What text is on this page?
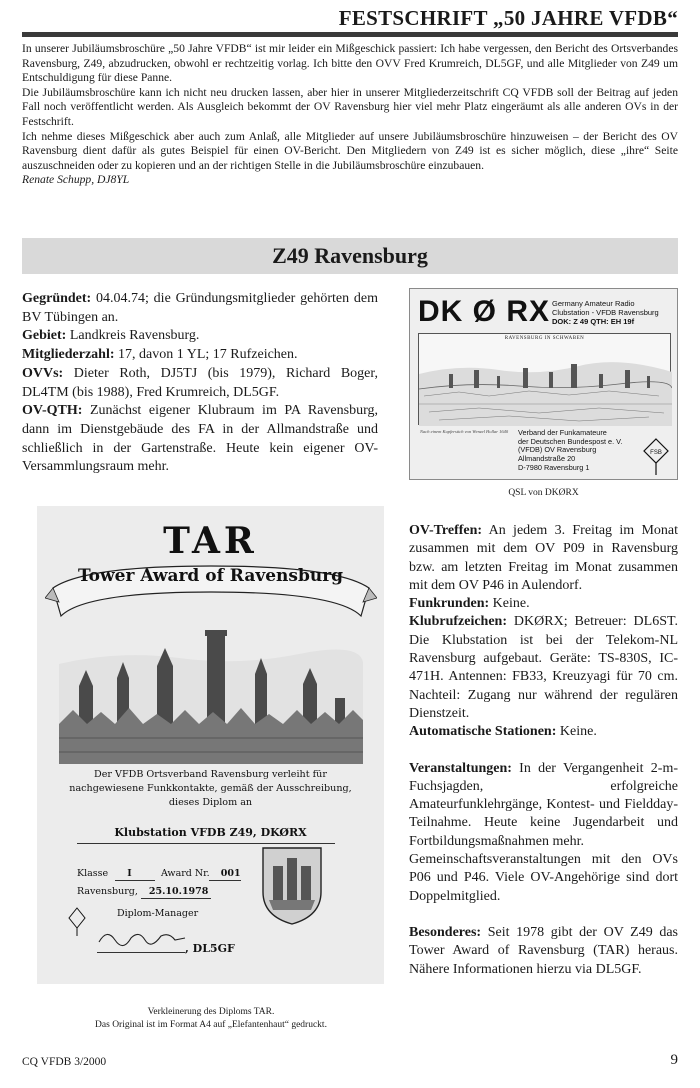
FESTSCHRIFT „50 JAHRE VFDB“

In unserer Jubiläumsbroschüre „50 Jahre VFDB“ ist mir leider ein Mißgeschick passiert: Ich habe vergessen, den Bericht des Ortsverbandes Ravensburg, Z49, abzudrucken, obwohl er rechtzeitig vorlag. Ich bitte den OVV Fred Krumreich, DL5GF, und alle Mitglieder von Z49 um Entschuldigung für diese Panne.

Die Jubiläumsbroschüre kann ich nicht neu drucken lassen, aber hier in unserer Mitgliederzeitschrift CQ VFDB soll der Beitrag auf jeden Fall noch veröffentlicht werden. Als Ausgleich bekommt der OV Ravensburg hier viel mehr Platz eingeräumt als alle anderen OVs in der Festschrift.

Ich nehme dieses Mißgeschick aber auch zum Anlaß, alle Mitglieder auf unsere Jubiläumsbroschüre hinzuweisen – der Bericht des OV Ravensburg dient dafür als gutes Beispiel für einen OV-Bericht. Den Mitgliedern von Z49 ist es sicher möglich, diese „ihre“ Seite auszuschneiden oder zu kopieren und an der richtigen Stelle in die Jubiläumsbroschüre einzubauen.

Renate Schupp, DJ8YL

Z49 Ravensburg

Gegründet: 04.04.74; die Gründungsmitglieder gehörten dem BV Tübingen an.

Gebiet: Landkreis Ravensburg.

Mitgliederzahl: 17, davon 1 YL; 17 Rufzeichen.

OVVs: Dieter Roth, DJ5TJ (bis 1979), Richard Boger, DL4TM (bis 1988), Fred Krumreich, DL5GF.

OV-QTH: Zunächst eigener Klubraum im PA Ravensburg, dann im Dienstgebäude des FA in der Allmandstraße und schließlich in der Gartenstraße. Heute kein eigener OV-Versammlungsraum mehr.

DK Ø RX Germany Amateur Radio
Clubstation - VFDB Ravensburg
DOK: Z 49 QTH: EH 19f
RAVENSBURG IN SCHWABEN
Nach einem Kupferstich von Wenzel Hollar 1640 Verband der Funkamateure
der Deutschen Bundespost e. V.
(VFDB) OV Ravensburg
Allmandstraße 20
D-7980 Ravensburg 1
FSB
QSL von DKØRX
TAR
Tower Award of Ravensburg
Der VFDB Ortsverband Ravensburg verleiht für nachgewiesene Funkkontakte, gemäß der Ausschreibung, dieses Diplom an
Klubstation VFDB Z49, DKØRX
Klasse I	Award Nr. 001
Ravensburg, 25.10.1978
Diplom-Manager
, DL5GF
Verkleinerung des Diploms TAR.
Das Original ist im Format A4 auf „Elefantenhaut“ gedruckt.

OV-Treffen: An jedem 3. Freitag im Monat zusammen mit dem OV P09 in Ravensburg bzw. am letzten Freitag im Monat zusammen mit dem OV P46 in Aulendorf.

Funkrunden: Keine.

Klubrufzeichen: DKØRX; Betreuer: DL6ST. Die Klubstation ist bei der Telekom-NL Ravensburg aufgebaut. Geräte: TS-830S, IC-471H. Antennen: FB33, Kreuzyagi für 70 cm. Nachteil: Zugang nur während der regulären Dienstzeit.

Automatische Stationen: Keine.

Veranstaltungen: In der Vergangenheit 2-m-Fuchsjagden, erfolgreiche Amateurfunklehrgänge, Kontest- und Fieldday-Teilnahme. Heute keine Jugendarbeit und Fortbildungsmaßnahmen mehr.

Gemeinschaftsveranstaltungen mit den OVs P06 und P46. Viele OV-Angehörige sind dort Doppelmitglied.

Besonderes: Seit 1978 gibt der OV Z49 das Tower Award of Ravensburg (TAR) heraus. Nähere Informationen hierzu via DL5GF.

CQ VFDB 3/2000	9
